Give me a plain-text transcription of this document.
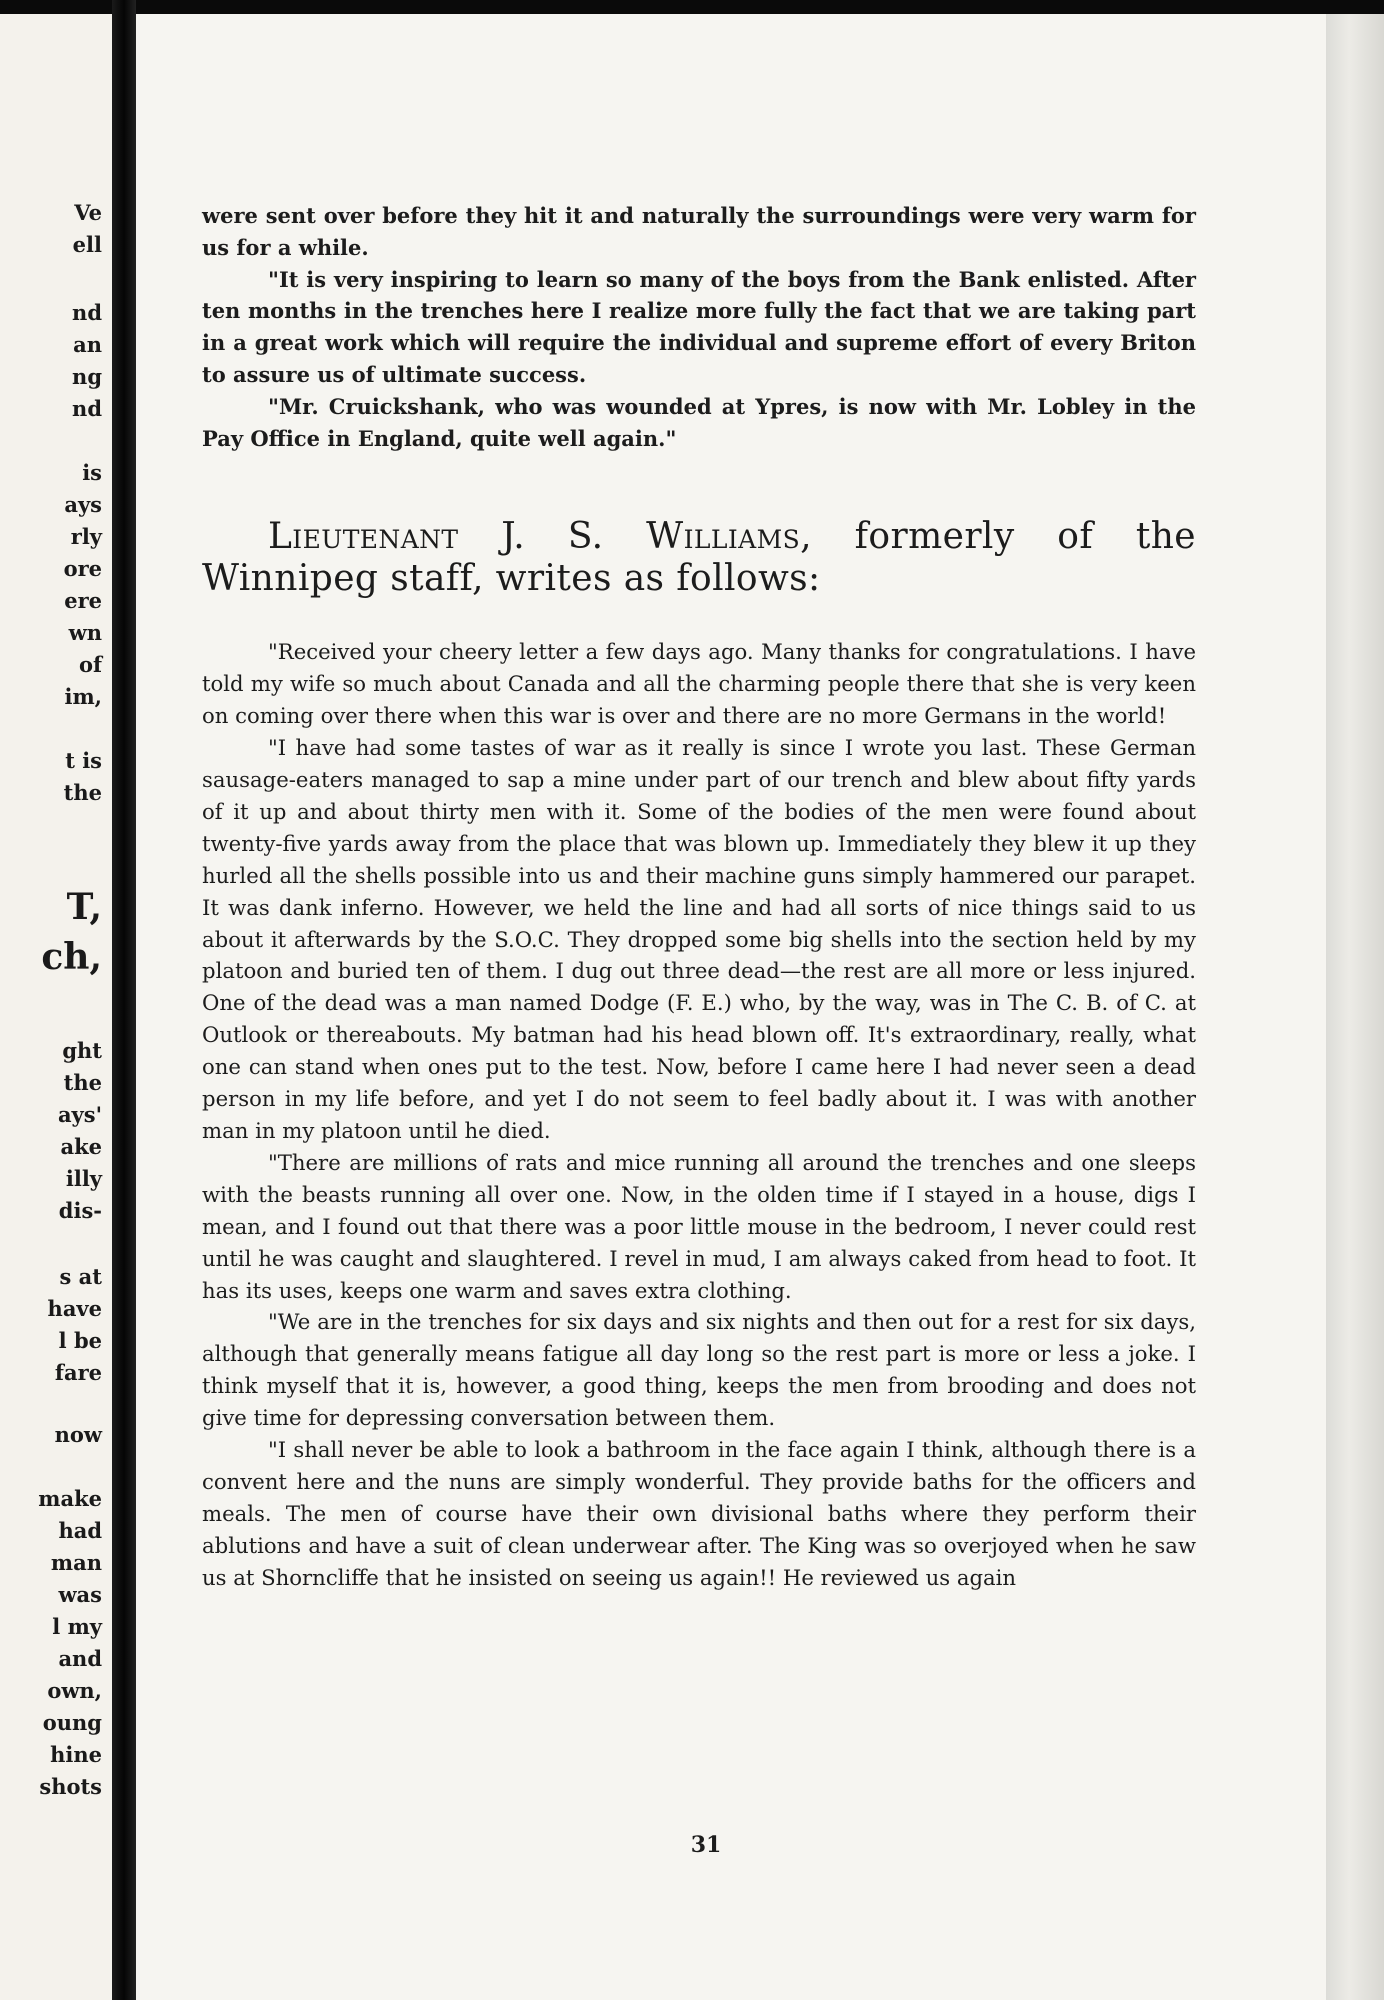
Ve
ell
nd
an
ng
nd
is
ays
rly
ore
ere
wn
of
im,
t is
the
T,
ch,
ght
the
ays'
ake
illy
dis-
s at
have
l be
fare
now
make
had
man
was
l my
and
own,
oung
hine
shots

were sent over before they hit it and naturally the surroundings were very warm for us for a while.

"It is very inspiring to learn so many of the boys from the Bank enlisted. After ten months in the trenches here I realize more fully the fact that we are taking part in a great work which will require the individual and supreme effort of every Briton to assure us of ultimate success.

"Mr. Cruickshank, who was wounded at Ypres, is now with Mr. Lobley in the Pay Office in England, quite well again."

Lieutenant J. S. Williams, formerly of the Winnipeg staff, writes as follows:

"Received your cheery letter a few days ago. Many thanks for congratulations. I have told my wife so much about Canada and all the charming people there that she is very keen on coming over there when this war is over and there are no more Germans in the world!

"I have had some tastes of war as it really is since I wrote you last. These German sausage-eaters managed to sap a mine under part of our trench and blew about fifty yards of it up and about thirty men with it. Some of the bodies of the men were found about twenty-five yards away from the place that was blown up. Immediately they blew it up they hurled all the shells possible into us and their machine guns simply hammered our parapet. It was dank inferno. However, we held the line and had all sorts of nice things said to us about it afterwards by the S.O.C. They dropped some big shells into the section held by my platoon and buried ten of them. I dug out three dead—the rest are all more or less injured. One of the dead was a man named Dodge (F. E.) who, by the way, was in The C. B. of C. at Outlook or thereabouts. My batman had his head blown off. It's extraordinary, really, what one can stand when ones put to the test. Now, before I came here I had never seen a dead person in my life before, and yet I do not seem to feel badly about it. I was with another man in my platoon until he died.

"There are millions of rats and mice running all around the trenches and one sleeps with the beasts running all over one. Now, in the olden time if I stayed in a house, digs I mean, and I found out that there was a poor little mouse in the bedroom, I never could rest until he was caught and slaughtered. I revel in mud, I am always caked from head to foot. It has its uses, keeps one warm and saves extra clothing.

"We are in the trenches for six days and six nights and then out for a rest for six days, although that generally means fatigue all day long so the rest part is more or less a joke. I think myself that it is, however, a good thing, keeps the men from brooding and does not give time for depressing conversation between them.

"I shall never be able to look a bathroom in the face again I think, although there is a convent here and the nuns are simply wonderful. They provide baths for the officers and meals. The men of course have their own divisional baths where they perform their ablutions and have a suit of clean underwear after. The King was so overjoyed when he saw us at Shorncliffe that he insisted on seeing us again!! He reviewed us again

31
